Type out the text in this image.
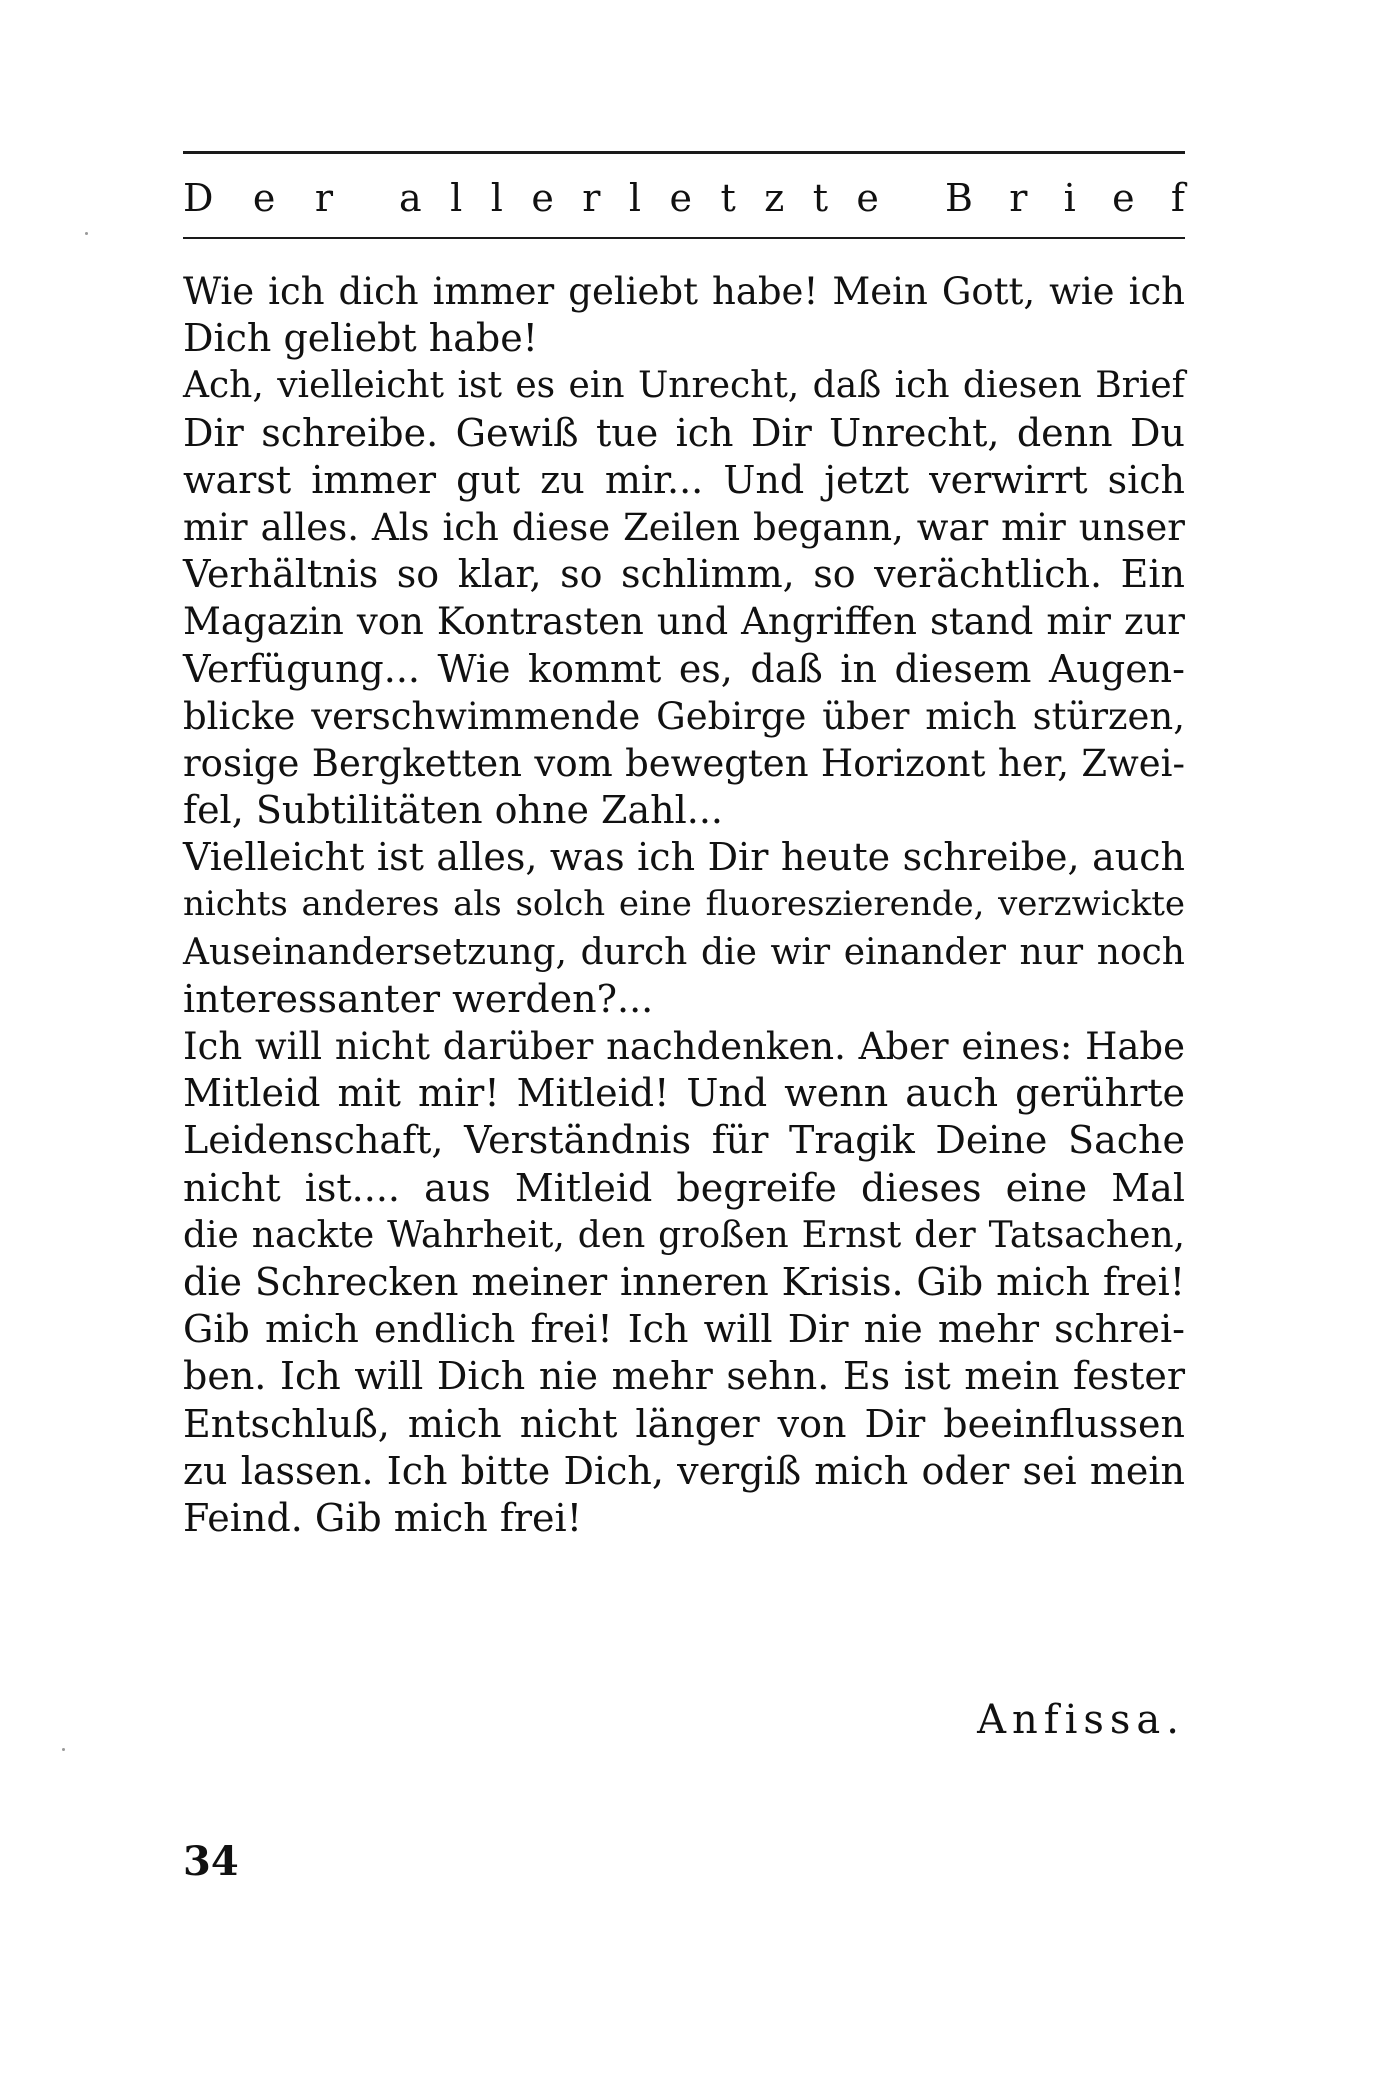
D e r a l l e r l e t z t e B r i e f
Wie ich dich immer geliebt habe! Mein Gott, wie ich
Dich geliebt habe!
Ach, vielleicht ist es ein Unrecht, daß ich diesen Brief
Dir schreibe. Gewiß tue ich Dir Unrecht, denn Du
warst immer gut zu mir... Und jetzt verwirrt sich
mir alles. Als ich diese Zeilen begann, war mir unser
Verhältnis so klar, so schlimm, so verächtlich. Ein
Magazin von Kontrasten und Angriffen stand mir zur
Verfügung... Wie kommt es, daß in diesem Augen-
blicke verschwimmende Gebirge über mich stürzen,
rosige Bergketten vom bewegten Horizont her, Zwei-
fel, Subtilitäten ohne Zahl...
Vielleicht ist alles, was ich Dir heute schreibe, auch
nichts anderes als solch eine fluoreszierende, verzwickte
Auseinandersetzung, durch die wir einander nur noch
interessanter werden?...
Ich will nicht darüber nachdenken. Aber eines: Habe
Mitleid mit mir! Mitleid! Und wenn auch gerührte
Leidenschaft, Verständnis für Tragik Deine Sache
nicht ist.... aus Mitleid begreife dieses eine Mal
die nackte Wahrheit, den großen Ernst der Tatsachen,
die Schrecken meiner inneren Krisis. Gib mich frei!
Gib mich endlich frei! Ich will Dir nie mehr schrei-
ben. Ich will Dich nie mehr sehn. Es ist mein fester
Entschluß, mich nicht länger von Dir beeinflussen
zu lassen. Ich bitte Dich, vergiß mich oder sei mein
Feind. Gib mich frei!
Anfissa.
34
